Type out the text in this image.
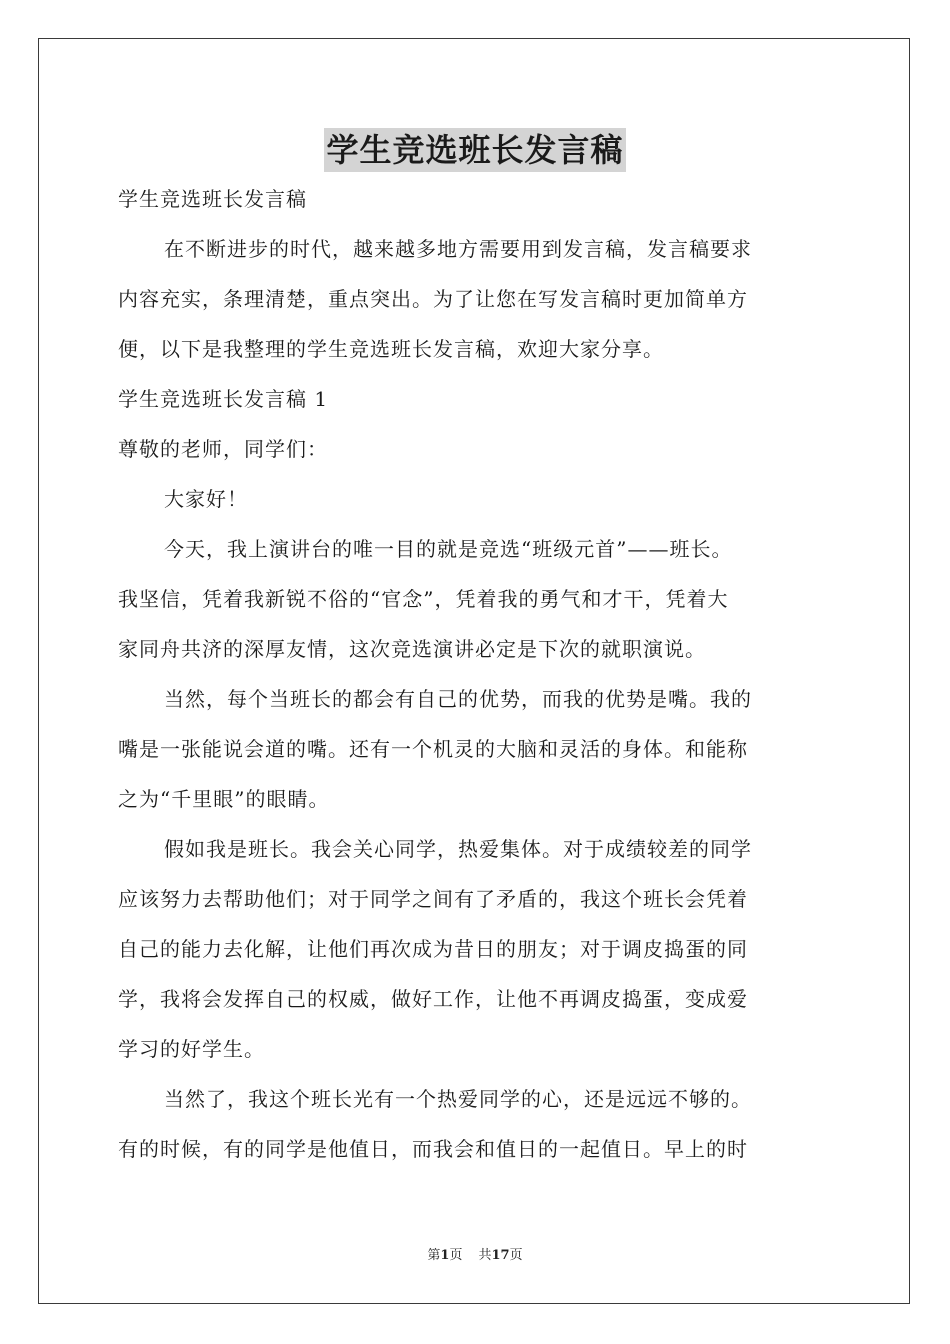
学生竞选班长发言稿
学生竞选班长发言稿
在不断进步的时代，越来越多地方需要用到发言稿，发言稿要求
内容充实，条理清楚，重点突出。为了让您在写发言稿时更加简单方
便，以下是我整理的学生竞选班长发言稿，欢迎大家分享。
学生竞选班长发言稿 1
尊敬的老师，同学们：
大家好！
今天，我上演讲台的唯一目的就是竞选“班级元首”——班长。
我坚信，凭着我新锐不俗的“官念”，凭着我的勇气和才干，凭着大
家同舟共济的深厚友情，这次竞选演讲必定是下次的就职演说。
当然，每个当班长的都会有自己的优势，而我的优势是嘴。我的
嘴是一张能说会道的嘴。还有一个机灵的大脑和灵活的身体。和能称
之为“千里眼”的眼睛。
假如我是班长。我会关心同学，热爱集体。对于成绩较差的同学
应该努力去帮助他们；对于同学之间有了矛盾的，我这个班长会凭着
自己的能力去化解，让他们再次成为昔日的朋友；对于调皮捣蛋的同
学，我将会发挥自己的权威，做好工作，让他不再调皮捣蛋，变成爱
学习的好学生。
当然了，我这个班长光有一个热爱同学的心，还是远远不够的。
有的时候，有的同学是他值日，而我会和值日的一起值日。早上的时
第1页 共17页
